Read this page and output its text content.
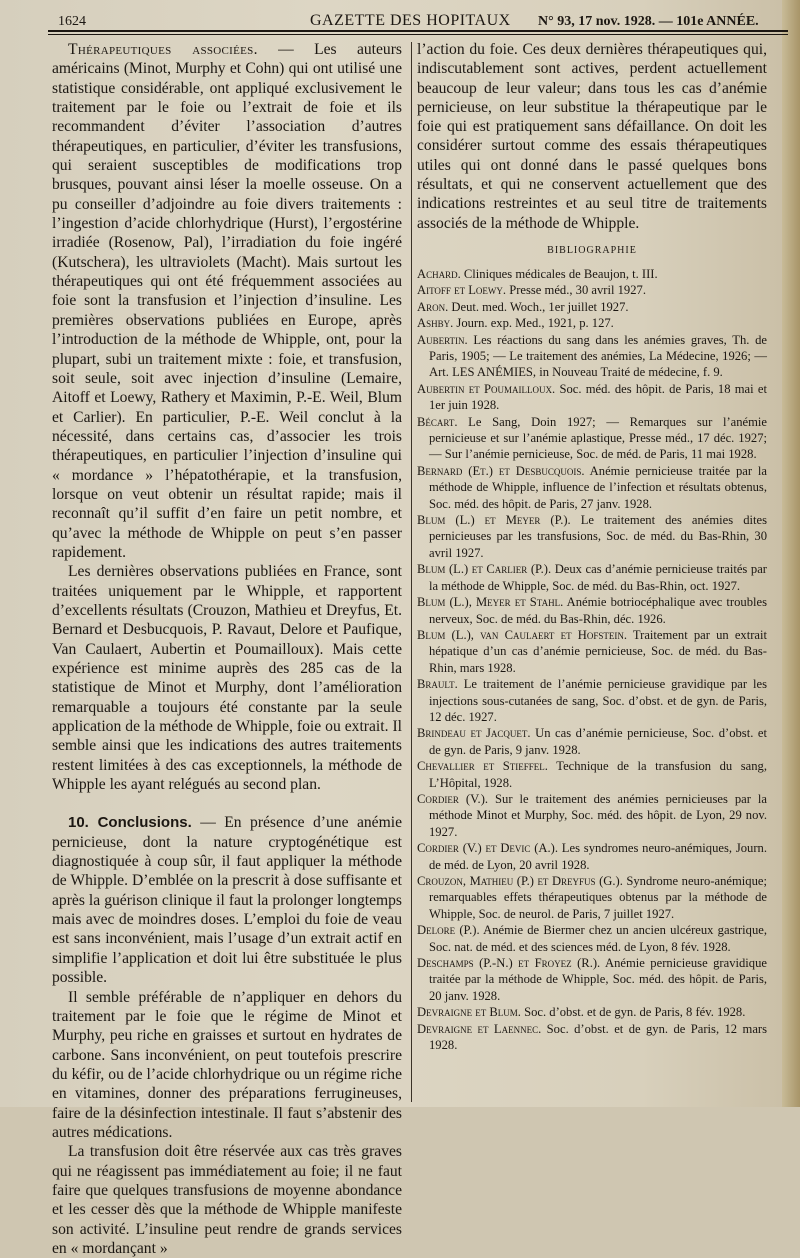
1624	GAZETTE DES HOPITAUX N° 93, 17 nov. 1928. — 101e ANNÉE.

Thérapeutiques associées. — Les auteurs américains (Minot, Murphy et Cohn) qui ont utilisé une statistique considérable, ont appliqué exclusivement le traitement par le foie ou l’extrait de foie et ils recommandent d’éviter l’association d’autres thérapeutiques, en particulier, d’éviter les transfusions, qui seraient susceptibles de modifications trop brusques, pouvant ainsi léser la moelle osseuse. On a pu conseiller d’adjoindre au foie divers traitements : l’ingestion d’acide chlorhydrique (Hurst), l’ergostérine irradiée (Rosenow, Pal), l’irradiation du foie ingéré (Kutschera), les ultraviolets (Macht). Mais surtout les thérapeutiques qui ont été fréquemment associées au foie sont la transfusion et l’injection d’insuline. Les premières observations publiées en Europe, après l’introduction de la méthode de Whipple, ont, pour la plupart, subi un traitement mixte : foie, et transfusion, soit seule, soit avec injection d’insuline (Lemaire, Aitoff et Loewy, Rathery et Maximin, P.-E. Weil, Blum et Carlier). En particulier, P.-E. Weil conclut à la nécessité, dans certains cas, d’associer les trois thérapeutiques, en particulier l’injection d’insuline qui « mordance » l’hépatothérapie, et la transfusion, lorsque on veut obtenir un résultat rapide; mais il reconnaît qu’il suffit d’en faire un petit nombre, et qu’avec la méthode de Whipple on peut s’en passer rapidement.

Les dernières observations publiées en France, sont traitées uniquement par le Whipple, et rapportent d’excellents résultats (Crouzon, Mathieu et Dreyfus, Et. Bernard et Desbucquois, P. Ravaut, Delore et Paufique, Van Caulaert, Aubertin et Poumailloux). Mais cette expérience est minime auprès des 285 cas de la statistique de Minot et Murphy, dont l’amélioration remarquable a toujours été constante par la seule application de la méthode de Whipple, foie ou extrait. Il semble ainsi que les indications des autres traitements restent limitées à des cas exceptionnels, la méthode de Whipple les ayant relégués au second plan.

10. Conclusions. — En présence d’une anémie pernicieuse, dont la nature cryptogénétique est diagnostiquée à coup sûr, il faut appliquer la méthode de Whipple. D’emblée on la prescrit à dose suffisante et après la guérison clinique il faut la prolonger longtemps mais avec de moindres doses. L’emploi du foie de veau est sans inconvénient, mais l’usage d’un extrait actif en simplifie l’application et doit lui être substituée le plus possible.

Il semble préférable de n’appliquer en dehors du traitement par le foie que le régime de Minot et Murphy, peu riche en graisses et surtout en hydrates de carbone. Sans inconvénient, on peut toutefois prescrire du kéfir, ou de l’acide chlorhydrique ou un régime riche en vitamines, donner des préparations ferrugineuses, faire de la désinfection intestinale. Il faut s’abstenir des autres médications.

La transfusion doit être réservée aux cas très graves qui ne réagissent pas immédiatement au foie; il ne faut faire que quelques transfusions de moyenne abondance et les cesser dès que la méthode de Whipple manifeste son activité. L’insuline peut rendre de grands services en « mordançant »

l’action du foie. Ces deux dernières thérapeutiques qui, indiscutablement sont actives, perdent actuellement beaucoup de leur valeur; dans tous les cas d’anémie pernicieuse, on leur substitue la thérapeutique par le foie qui est pratiquement sans défaillance. On doit les considérer surtout comme des essais thérapeutiques utiles qui ont donné dans le passé quelques bons résultats, et qui ne conservent actuellement que des indications restreintes et au seul titre de traitements associés de la méthode de Whipple.

BIBLIOGRAPHIE

Achard. Cliniques médicales de Beaujon, t. III.

Aitoff et Loewy. Presse méd., 30 avril 1927.

Aron. Deut. med. Woch., 1er juillet 1927.

Ashby. Journ. exp. Med., 1921, p. 127.

Aubertin. Les réactions du sang dans les anémies graves, Th. de Paris, 1905; — Le traitement des anémies, La Médecine, 1926; — Art. LES ANÉMIES, in Nouveau Traité de médecine, f. 9.

Aubertin et Poumailloux. Soc. méd. des hôpit. de Paris, 18 mai et 1er juin 1928.

Bécart. Le Sang, Doin 1927; — Remarques sur l’anémie pernicieuse et sur l’anémie aplastique, Presse méd., 17 déc. 1927; — Sur l’anémie pernicieuse, Soc. de méd. de Paris, 11 mai 1928.

Bernard (Et.) et Desbucquois. Anémie pernicieuse traitée par la méthode de Whipple, influence de l’infection et résultats obtenus, Soc. méd. des hôpit. de Paris, 27 janv. 1928.

Blum (L.) et Meyer (P.). Le traitement des anémies dites pernicieuses par les transfusions, Soc. de méd. du Bas-Rhin, 30 avril 1927.

Blum (L.) et Carlier (P.). Deux cas d’anémie pernicieuse traités par la méthode de Whipple, Soc. de méd. du Bas-Rhin, oct. 1927.

Blum (L.), Meyer et Stahl. Anémie botriocéphalique avec troubles nerveux, Soc. de méd. du Bas-Rhin, déc. 1926.

Blum (L.), van Caulaert et Hofstein. Traitement par un extrait hépatique d’un cas d’anémie pernicieuse, Soc. de méd. du Bas-Rhin, mars 1928.

Brault. Le traitement de l’anémie pernicieuse gravidique par les injections sous-cutanées de sang, Soc. d’obst. et de gyn. de Paris, 12 déc. 1927.

Brindeau et Jacquet. Un cas d’anémie pernicieuse, Soc. d’obst. et de gyn. de Paris, 9 janv. 1928.

Chevallier et Stieffel. Technique de la transfusion du sang, L’Hôpital, 1928.

Cordier (V.). Sur le traitement des anémies pernicieuses par la méthode Minot et Murphy, Soc. méd. des hôpit. de Lyon, 29 nov. 1927.

Cordier (V.) et Devic (A.). Les syndromes neuro-anémiques, Journ. de méd. de Lyon, 20 avril 1928.

Crouzon, Mathieu (P.) et Dreyfus (G.). Syndrome neuro-anémique; remarquables effets thérapeutiques obtenus par la méthode de Whipple, Soc. de neurol. de Paris, 7 juillet 1927.

Delore (P.). Anémie de Biermer chez un ancien ulcéreux gastrique, Soc. nat. de méd. et des sciences méd. de Lyon, 8 fév. 1928.

Deschamps (P.-N.) et Froyez (R.). Anémie pernicieuse gravidique traitée par la méthode de Whipple, Soc. méd. des hôpit. de Paris, 20 janv. 1928.

Devraigne et Blum. Soc. d’obst. et de gyn. de Paris, 8 fév. 1928.

Devraigne et Laennec. Soc. d’obst. et de gyn. de Paris, 12 mars 1928.
